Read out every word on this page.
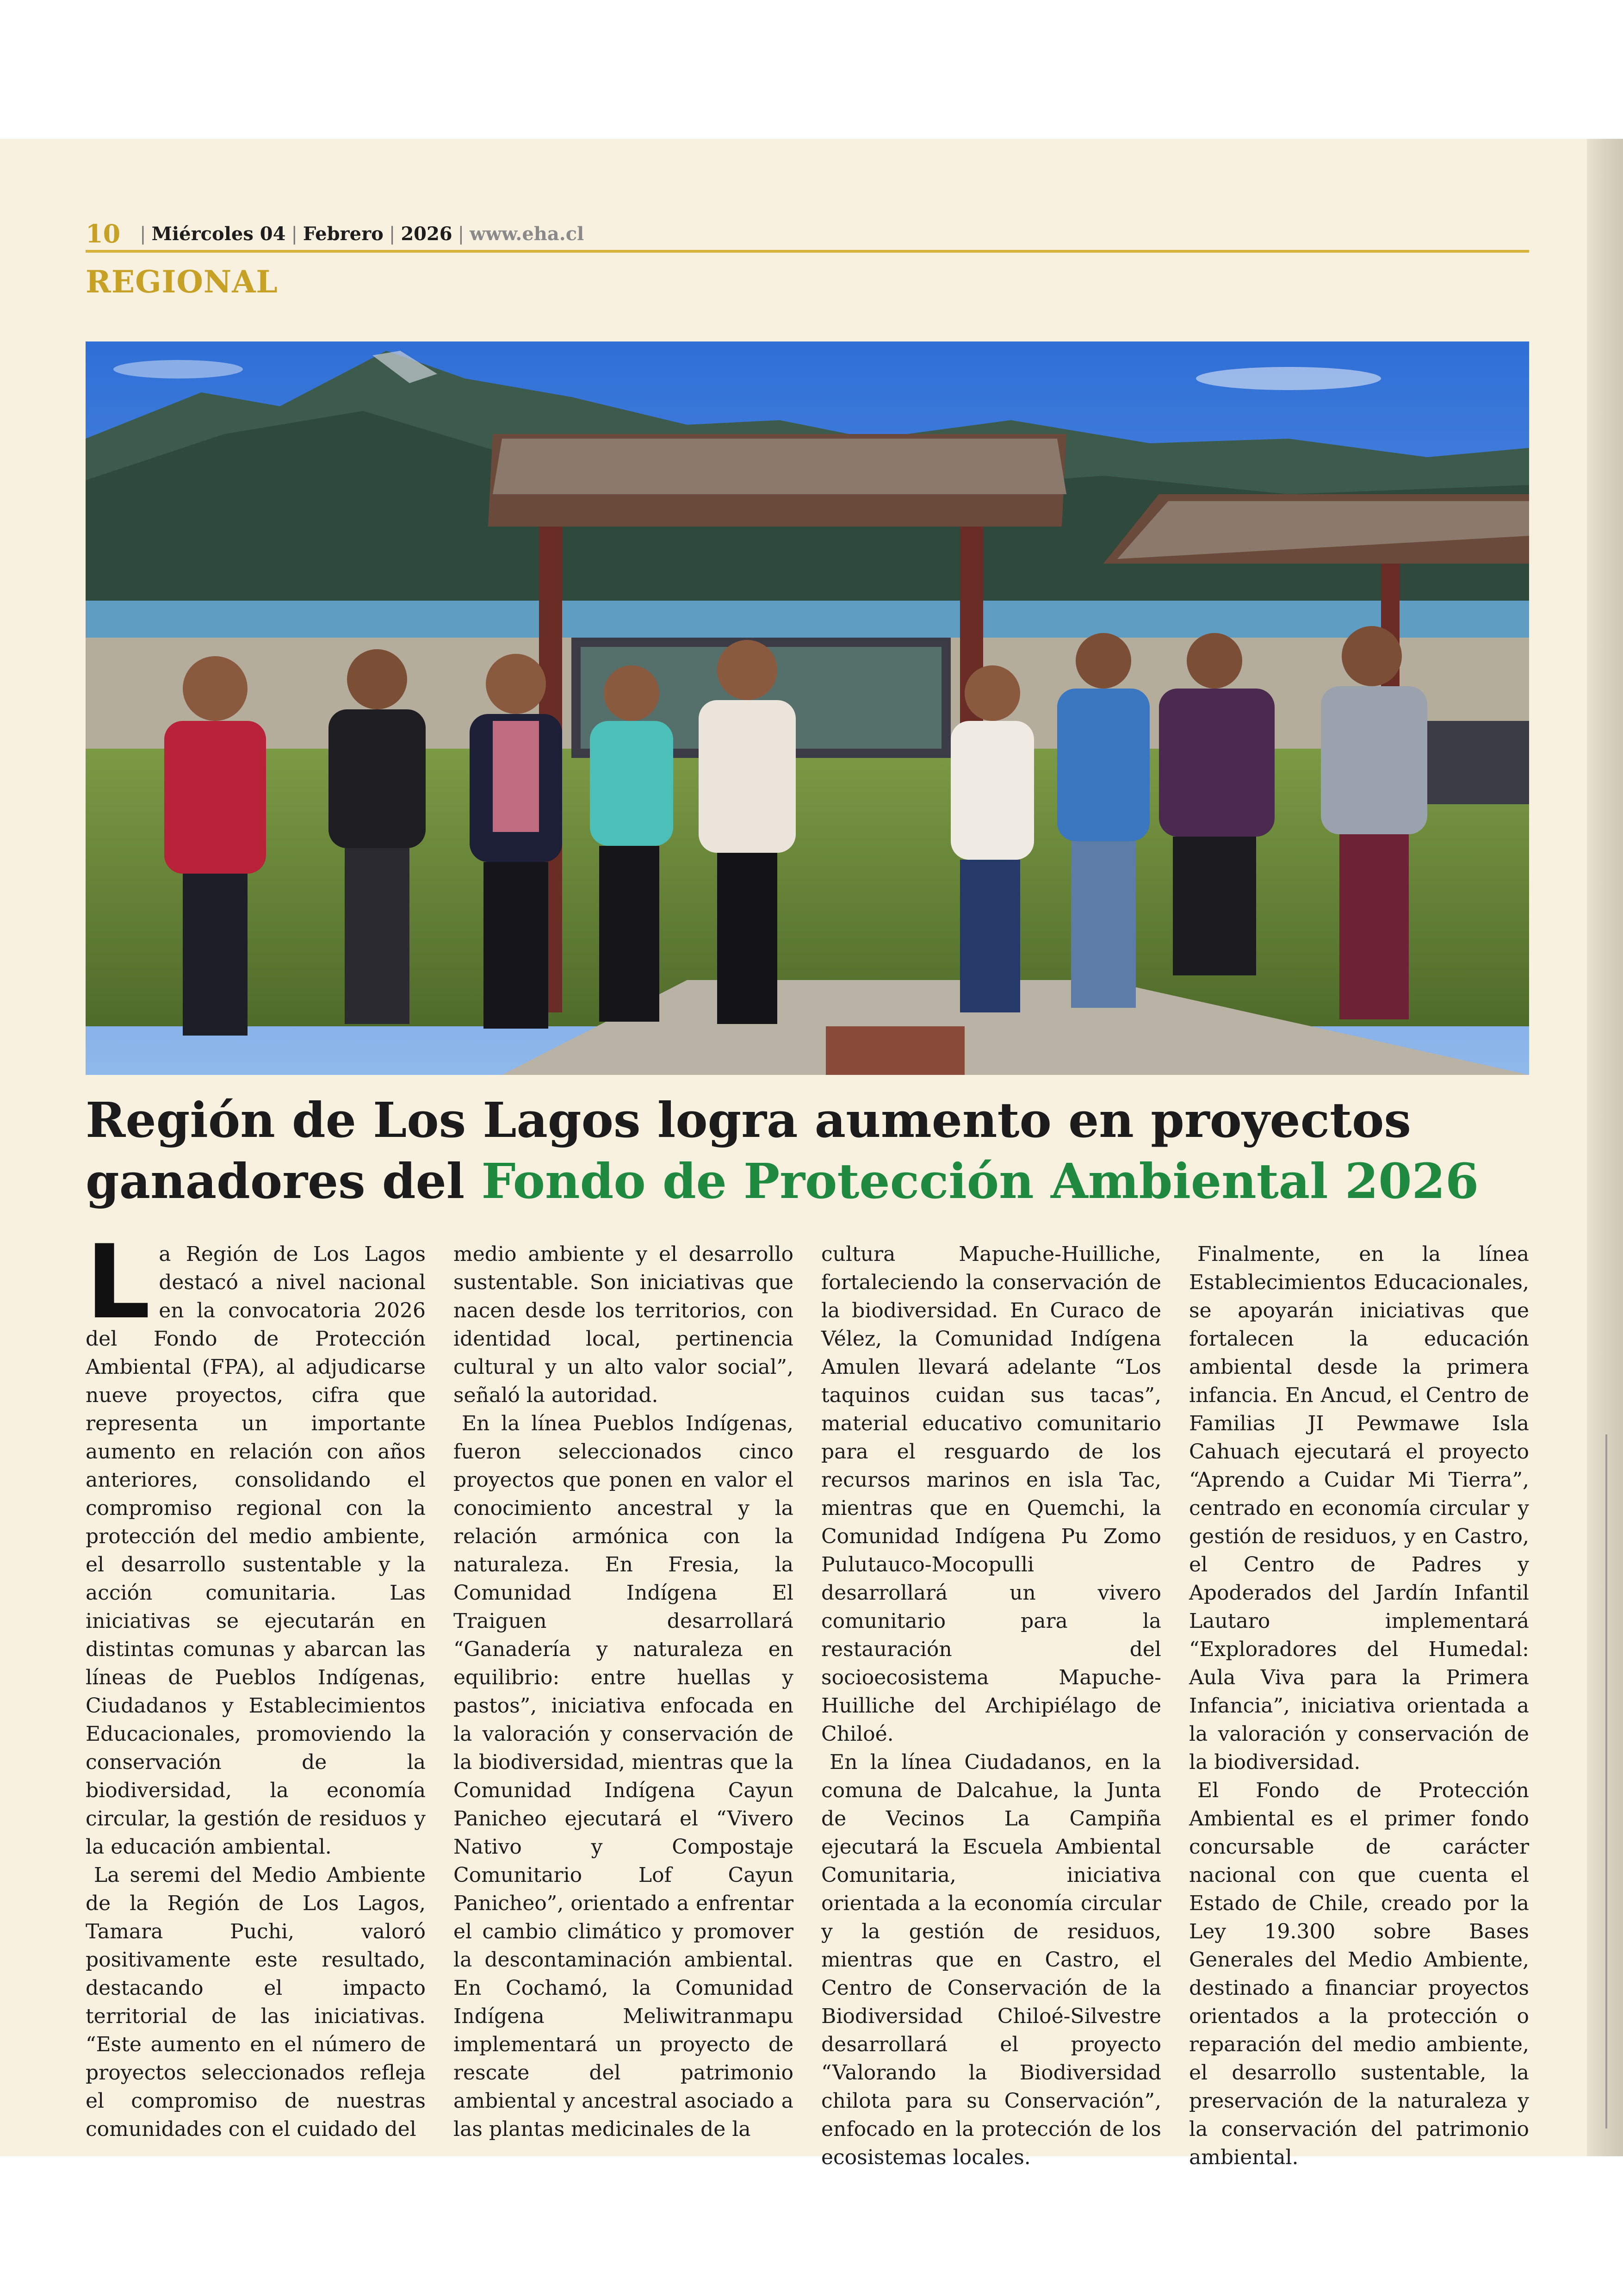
10	| Miércoles 04 | Febrero | 2026 | www.eha.cl
REGIONAL
Región de Los Lagos logra aumento en proyectos ganadores del Fondo de Protección Ambiental 2026
L a Región de Los Lagos destacó a nivel nacional en la convocatoria 2026 del Fondo de Protección Ambiental (FPA), al adjudicarse nueve proyectos, cifra que representa un importante aumento en relación con años anteriores, consolidando el compromiso regional con la protección del medio ambiente, el desarrollo sustentable y la acción comunitaria. Las iniciativas se ejecutarán en distintas comunas y abarcan las líneas de Pueblos Indígenas, Ciudadanos y Establecimientos Educacionales, promoviendo la conservación de la biodiversidad, la economía circular, la gestión de residuos y la educación ambiental.

La seremi del Medio Ambiente de la Región de Los Lagos, Tamara Puchi, valoró positivamente este resultado, destacando el impacto territorial de las iniciativas. “Este aumento en el número de proyectos seleccionados refleja el compromiso de nuestras comunidades con el cuidado del

medio ambiente y el desarrollo sustentable. Son iniciativas que nacen desde los territorios, con identidad local, pertinencia cultural y un alto valor social”, señaló la autoridad.

En la línea Pueblos Indígenas, fueron seleccionados cinco proyectos que ponen en valor el conocimiento ancestral y la relación armónica con la naturaleza. En Fresia, la Comunidad Indígena El Traiguen desarrollará “Ganadería y naturaleza en equilibrio: entre huellas y pastos”, iniciativa enfocada en la valoración y conservación de la biodiversidad, mientras que la Comunidad Indígena Cayun Panicheo ejecutará el “Vivero Nativo y Compostaje Comunitario Lof Cayun Panicheo”, orientado a enfrentar el cambio climático y promover la descontaminación ambiental. En Cochamó, la Comunidad Indígena Meliwitranmapu implementará un proyecto de rescate del patrimonio ambiental y ancestral asociado a las plantas medicinales de la

cultura Mapuche-Huilliche, fortaleciendo la conservación de la biodiversidad. En Curaco de Vélez, la Comunidad Indígena Amulen llevará adelante “Los taquinos cuidan sus tacas”, material educativo comunitario para el resguardo de los recursos marinos en isla Tac, mientras que en Quemchi, la Comunidad Indígena Pu Zomo Pulutauco-Mocopulli desarrollará un vivero comunitario para la restauración del socioecosistema Mapuche-Huilliche del Archipiélago de Chiloé.

En la línea Ciudadanos, en la comuna de Dalcahue, la Junta de Vecinos La Campiña ejecutará la Escuela Ambiental Comunitaria, iniciativa orientada a la economía circular y la gestión de residuos, mientras que en Castro, el Centro de Conservación de la Biodiversidad Chiloé-Silvestre desarrollará el proyecto “Valorando la Biodiversidad chilota para su Conservación”, enfocado en la protección de los ecosistemas locales.

Finalmente, en la línea Establecimientos Educacionales, se apoyarán iniciativas que fortalecen la educación ambiental desde la primera infancia. En Ancud, el Centro de Familias JI Pewmawe Isla Cahuach ejecutará el proyecto “Aprendo a Cuidar Mi Tierra”, centrado en economía circular y gestión de residuos, y en Castro, el Centro de Padres y Apoderados del Jardín Infantil Lautaro implementará “Exploradores del Humedal: Aula Viva para la Primera Infancia”, iniciativa orientada a la valoración y conservación de la biodiversidad.

El Fondo de Protección Ambiental es el primer fondo concursable de carácter nacional con que cuenta el Estado de Chile, creado por la Ley 19.300 sobre Bases Generales del Medio Ambiente, destinado a financiar proyectos orientados a la protección o reparación del medio ambiente, el desarrollo sustentable, la preservación de la naturaleza y la conservación del patrimonio ambiental.
